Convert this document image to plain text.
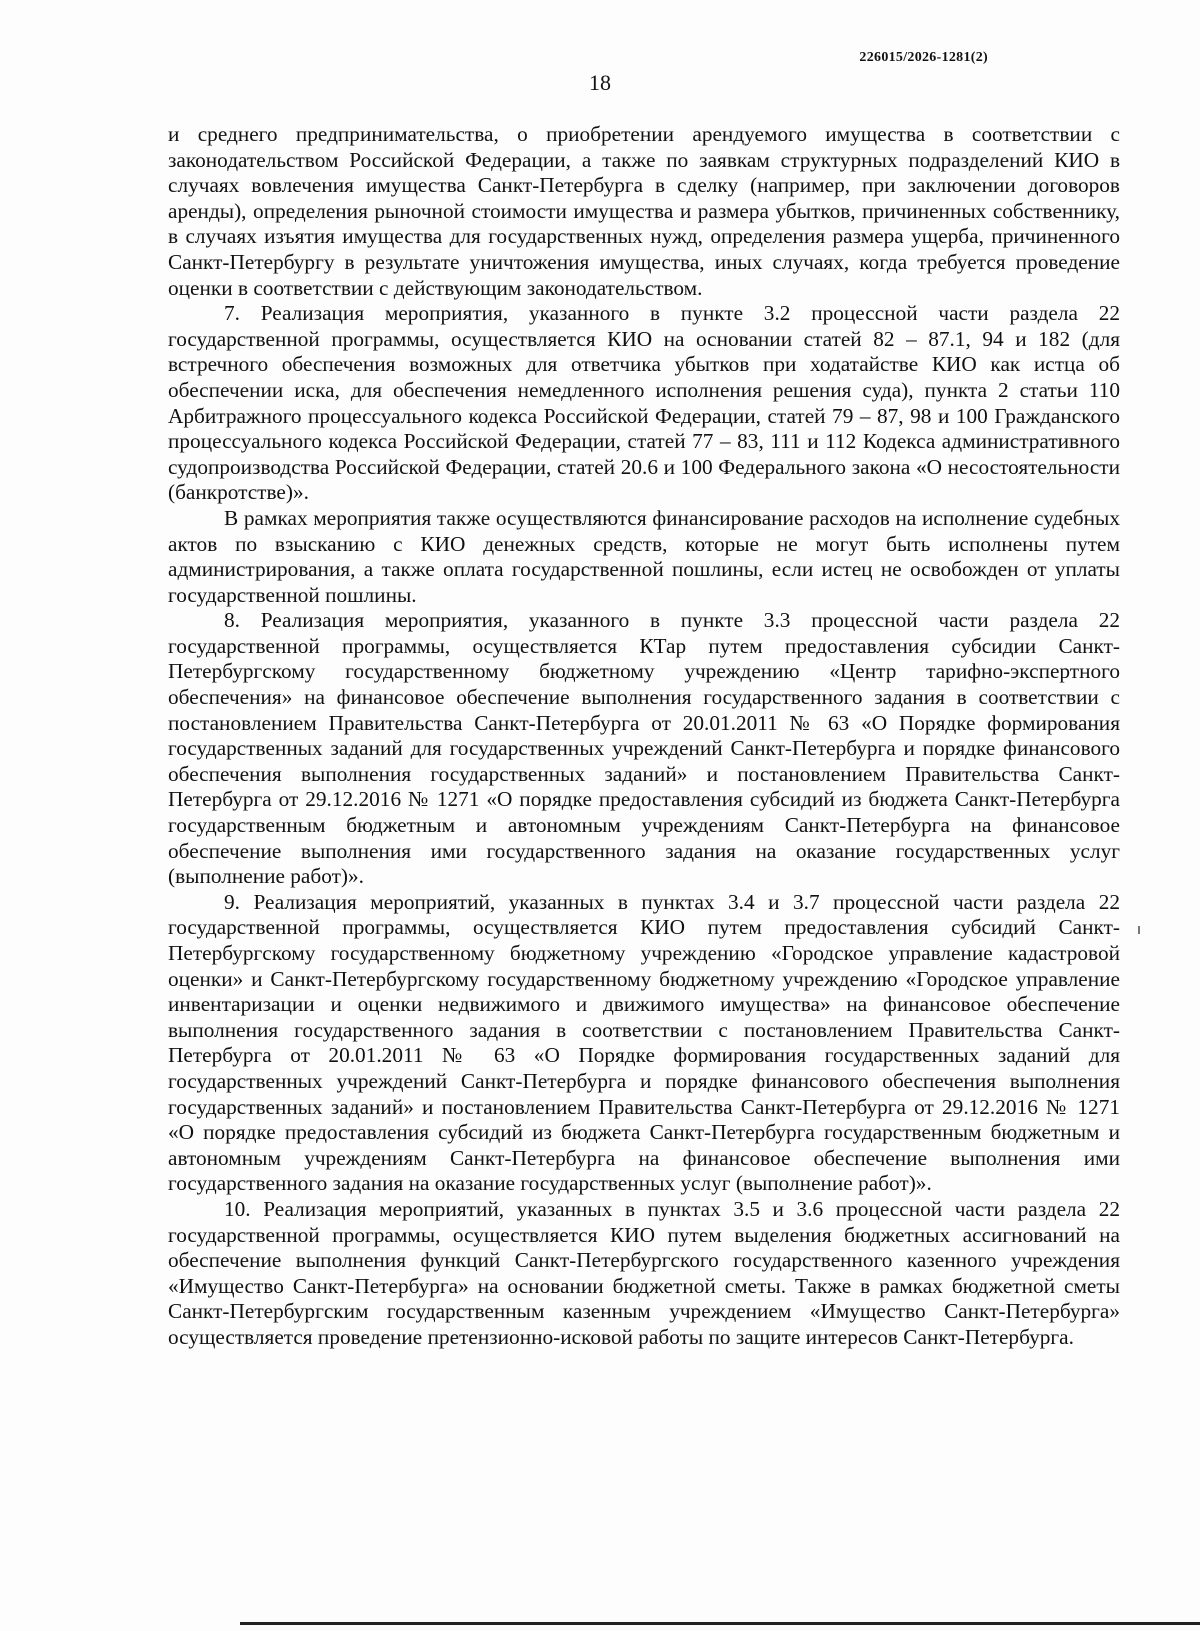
226015/2026-1281(2)
18

и среднего предпринимательства, о приобретении арендуемого имущества в соответствии с законодательством Российской Федерации, а также по заявкам структурных подразделений КИО в случаях вовлечения имущества Санкт-Петербурга в сделку (например, при заключении договоров аренды), определения рыночной стоимости имущества и размера убытков, причиненных собственнику, в случаях изъятия имущества для государственных нужд, определения размера ущерба, причиненного Санкт-Петербургу в результате уничтожения имущества, иных случаях, когда требуется проведение оценки в соответствии с действующим законодательством.

7. Реализация мероприятия, указанного в пункте 3.2 процессной части раздела 22 государственной программы, осуществляется КИО на основании статей 82 – 87.1, 94 и 182 (для встречного обеспечения возможных для ответчика убытков при ходатайстве КИО как истца об обеспечении иска, для обеспечения немедленного исполнения решения суда), пункта 2 статьи 110 Арбитражного процессуального кодекса Российской Федерации, статей 79 – 87, 98 и 100 Гражданского процессуального кодекса Российской Федерации, статей 77 – 83, 111 и 112 Кодекса административного судопроизводства Российской Федерации, статей 20.6 и 100 Федерального закона «О несостоятельности (банкротстве)».

В рамках мероприятия также осуществляются финансирование расходов на исполнение судебных актов по взысканию с КИО денежных средств, которые не могут быть исполнены путем администрирования, а также оплата государственной пошлины, если истец не освобожден от уплаты государственной пошлины.

8. Реализация мероприятия, указанного в пункте 3.3 процессной части раздела 22 государственной программы, осуществляется КТар путем предоставления субсидии Санкт-Петербургскому государственному бюджетному учреждению «Центр тарифно-экспертного обеспечения» на финансовое обеспечение выполнения государственного задания в соответствии с постановлением Правительства Санкт-Петербурга от 20.01.2011 № 63 «О Порядке формирования государственных заданий для государственных учреждений Санкт-Петербурга и порядке финансового обеспечения выполнения государственных заданий» и постановлением Правительства Санкт-Петербурга от 29.12.2016 № 1271 «О порядке предоставления субсидий из бюджета Санкт-Петербурга государственным бюджетным и автономным учреждениям Санкт-Петербурга на финансовое обеспечение выполнения ими государственного задания на оказание государственных услуг (выполнение работ)».

9. Реализация мероприятий, указанных в пунктах 3.4 и 3.7 процессной части раздела 22 государственной программы, осуществляется КИО путем предоставления субсидий Санкт-Петербургскому государственному бюджетному учреждению «Городское управление кадастровой оценки» и Санкт-Петербургскому государственному бюджетному учреждению «Городское управление инвентаризации и оценки недвижимого и движимого имущества» на финансовое обеспечение выполнения государственного задания в соответствии с постановлением Правительства Санкт-Петербурга от 20.01.2011 № 63 «О Порядке формирования государственных заданий для государственных учреждений Санкт-Петербурга и порядке финансового обеспечения выполнения государственных заданий» и постановлением Правительства Санкт-Петербурга от 29.12.2016 № 1271 «О порядке предоставления субсидий из бюджета Санкт-Петербурга государственным бюджетным и автономным учреждениям Санкт-Петербурга на финансовое обеспечение выполнения ими государственного задания на оказание государственных услуг (выполнение работ)».

10. Реализация мероприятий, указанных в пунктах 3.5 и 3.6 процессной части раздела 22 государственной программы, осуществляется КИО путем выделения бюджетных ассигнований на обеспечение выполнения функций Санкт-Петербургского государственного казенного учреждения «Имущество Санкт-Петербурга» на основании бюджетной сметы. Также в рамках бюджетной сметы Санкт-Петербургским государственным казенным учреждением «Имущество Санкт-Петербурга» осуществляется проведение претензионно-исковой работы по защите интересов Санкт-Петербурга.
